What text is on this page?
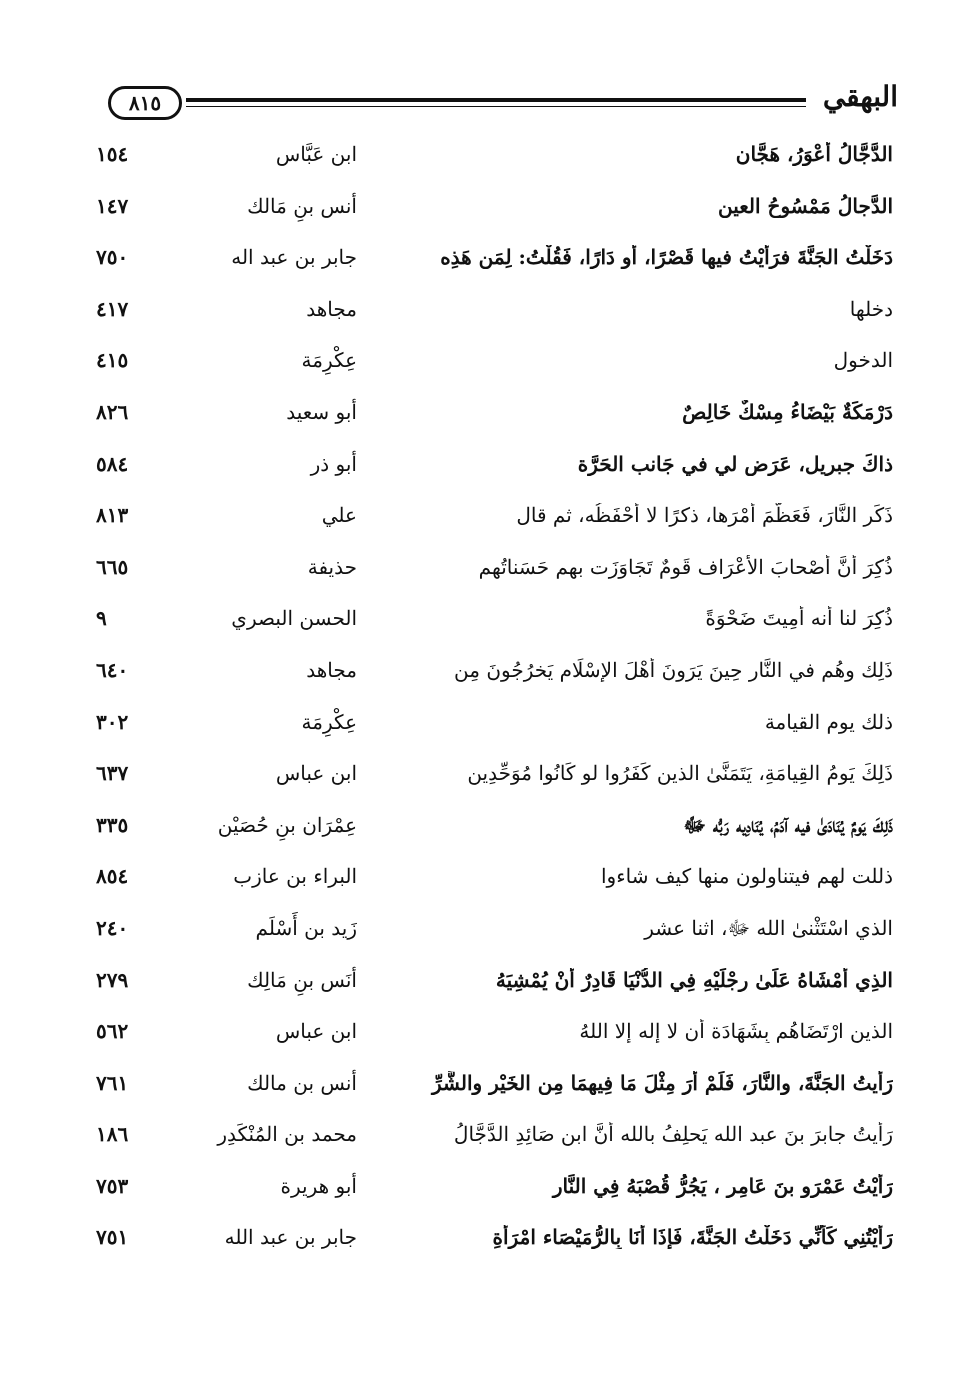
٨١٥	البهقي
الدَّجَّالُ أعْوَرُ، هَجَّان
ابن عَبَّاس
١٥٤
الدَّجالُ مَمْسُوحُ العينِ
أنس بنِ مَالك
١٤٧
دَخَلْتُ الجَنَّةَ فرَأيْتُ فيها قَصْرًا، أو دَارًا، فَقُلْتُ: لِمَن هَذِه
جابر بن عبد اله
٧٥٠
دخلها
مجاهد
٤١٧
الدخول
عِكْرِمَة
٤١٥
دَرْمَكَةٌ بَيْضَاءُ مِسْكٌ خَالِصٌ
أبو سعيد
٨٢٦
ذاكَ جبريل، عَرَض لي في جَانب الحَرَّة
أبو ذر
٥٨٤
ذَكَر النَّارَ، فَعَظَّمَ أَمْرَها، ذكرًا لا أَحْفَظُه، ثم قال
علي
٨١٣
ذُكِرَ أنَّ أَصْحابَ الأعْرَاف قَومٌ تَجَاوَزَت بهم حَسَناتُهم
حذيفة
٦٦٥
ذُكِرَ لنا أنه أُمِيتَ ضَحْوَةً
الحسن البصري
٩
ذَلِك وهُم في النَّارِ حِينَ يَرَونَ أَهْلَ الإِسْلَامِ يَخرُجُونَ مِن
مجاهد
٦٤٠
ذلك يوم القيامة
عِكْرِمَة
٣٠٢
ذَلِكَ يَومُ القِيامَةِ، يَتَمَنَّىٰ الذين كَفَرُوا لو كَانُوا مُوَحِّدِين
ابن عباس
٦٣٧
ذَلِكَ يَومٌ يُنَادَىٰ فيه آدَمُ، يُنَادِيه رَبُّه ﷻ
عِمْرَان بنِ حُصَيْن
٣٣٥
ذللت لهم فيتناولون منها كيف شاءوا
البراء بن عازب
٨٥٤
الذي اسْتَثْنىٰ الله ﷻ، اثنا عشر
زَيد بن أَسْلَم
٢٤٠
الذِي أَمْشَاهُ عَلَىٰ رِجْلَيْهِ فِي الدُّنْيَا قَادِرٌ أَنْ يُمْشِيَهُ
أنَس بنِ مَالِك
٢٧٩
الذين ارْتَضَاهُم بِشَهَادَة أَن لا إله إلا اللهُ
ابن عباس
٥٦٢
رَأَيتُ الجَنَّةَ، والنَّارَ، فَلَمْ أَرَ مِثْلَ مَا فِيهِمَا مِن الخَيْرِ والشَّرِّ
أنس بن مالك
٧٦١
رَأيتُ جابرَ بنَ عبد الله يَحلِفُ بالله أَنَّ ابن صَائِدِ الدَّجَّالُ
محمد بن المُنْكَدِر
١٨٦
رَأَيْتُ عَمْرَو بنَ عَامِر ، يَجُرُّ قُصْبَهُ فِي النَّارِ
أبو هريرة
٧٥٣
رَأَيْتُنِي كَأَنِّي دَخَلْتُ الجَنَّةَ، فَإِذَا أَنَا بِالرُّمَيْصَاء امْرَأَةِ
جابر بن عبد الله
٧٥١
